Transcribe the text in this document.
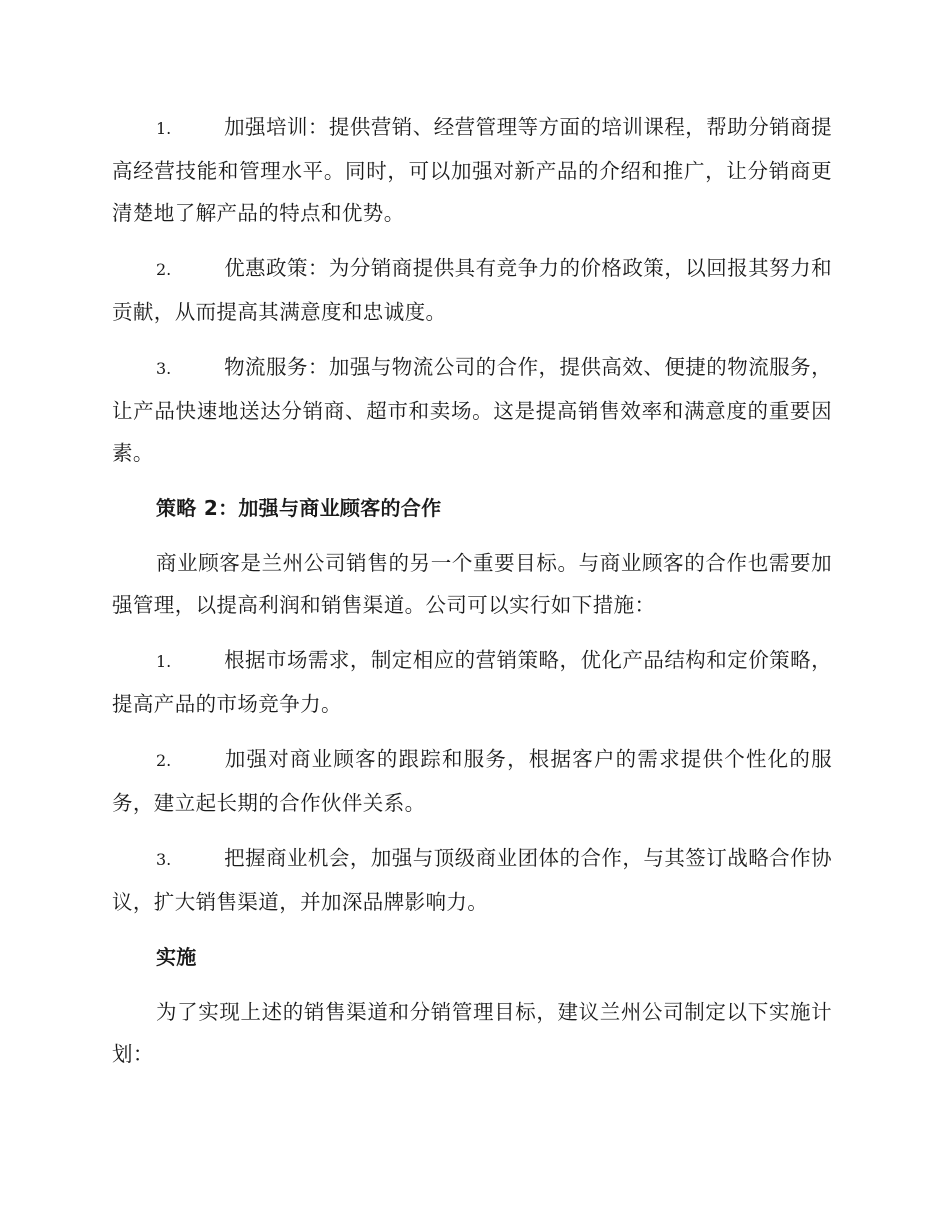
1.	加强培训：提供营销、经营管理等方面的培训课程，帮助分销商提高经营技能和管理水平。同时，可以加强对新产品的介绍和推广，让分销商更清楚地了解产品的特点和优势。

2.	优惠政策：为分销商提供具有竞争力的价格政策，以回报其努力和贡献，从而提高其满意度和忠诚度。

3.	物流服务：加强与物流公司的合作，提供高效、便捷的物流服务，让产品快速地送达分销商、超市和卖场。这是提高销售效率和满意度的重要因素。

策略 2：加强与商业顾客的合作

商业顾客是兰州公司销售的另一个重要目标。与商业顾客的合作也需要加强管理，以提高利润和销售渠道。公司可以实行如下措施：

1.	根据市场需求，制定相应的营销策略，优化产品结构和定价策略，提高产品的市场竞争力。

2.	加强对商业顾客的跟踪和服务，根据客户的需求提供个性化的服务，建立起长期的合作伙伴关系。

3.	把握商业机会，加强与顶级商业团体的合作，与其签订战略合作协议，扩大销售渠道，并加深品牌影响力。

实施

为了实现上述的销售渠道和分销管理目标，建议兰州公司制定以下实施计划：
